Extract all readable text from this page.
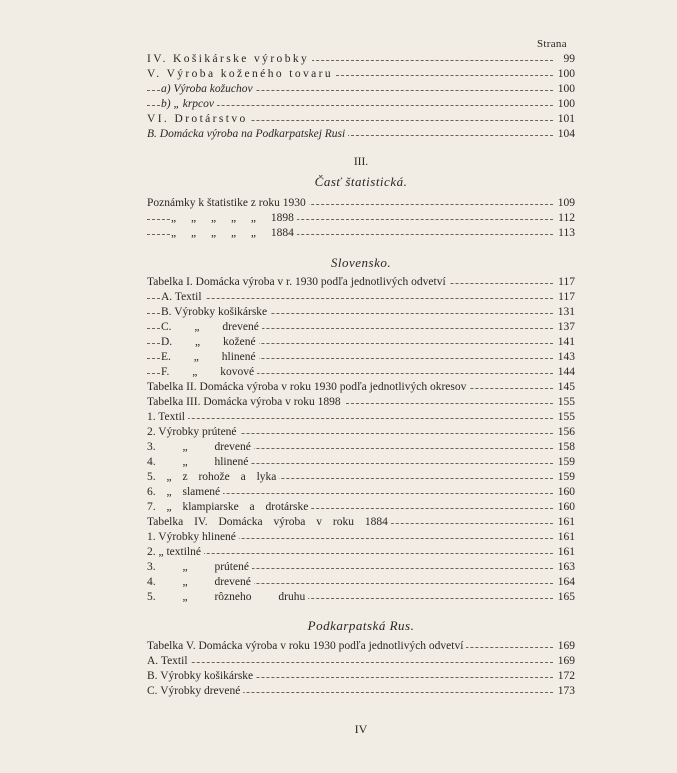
Strana
IV. Košikárske výrobky	99
V. Výroba koženého tovaru	100
a) Výroba kožuchov	100
b) „ krpcov	100
VI. Drotárstvo	101
B. Domácka výroba na Podkarpatskej Rusi	104
III.
Časť štatistická.
Poznámky k štatistike z roku 1930	109
„ „ „ „ „ 1898	112
„ „ „ „ „ 1884	113
Slovensko.
Tabelka I. Domácka výroba v r. 1930 podľa jednotlivých odvetví	117
A. Textil	117
B. Výrobky košikárske	131
C. „ drevené	137
D. „ kožené	141
E. „ hlinené	143
F. „ kovové	144
Tabelka II. Domácka výroba v roku 1930 podľa jednotlivých okresov	145
Tabelka III. Domácka výroba v roku 1898	155
1. Textil	155
2. Výrobky prútené	156
3. „ drevené	158
4. „ hlinené	159
5. „ z rohože a lyka	159
6. „ slamené	160
7. „ klampiarske a drotárske	160
Tabelka IV. Domácka výroba v roku 1884	161
1. Výrobky hlinené	161
2. „ textilné	161
3. „ prútené	163
4. „ drevené	164
5. „ rôzneho druhu	165
Podkarpatská Rus.
Tabelka V. Domácka výroba v roku 1930 podľa jednotlivých odvetví	169
A. Textil	169
B. Výrobky košikárske	172
C. Výrobky drevené	173
IV
